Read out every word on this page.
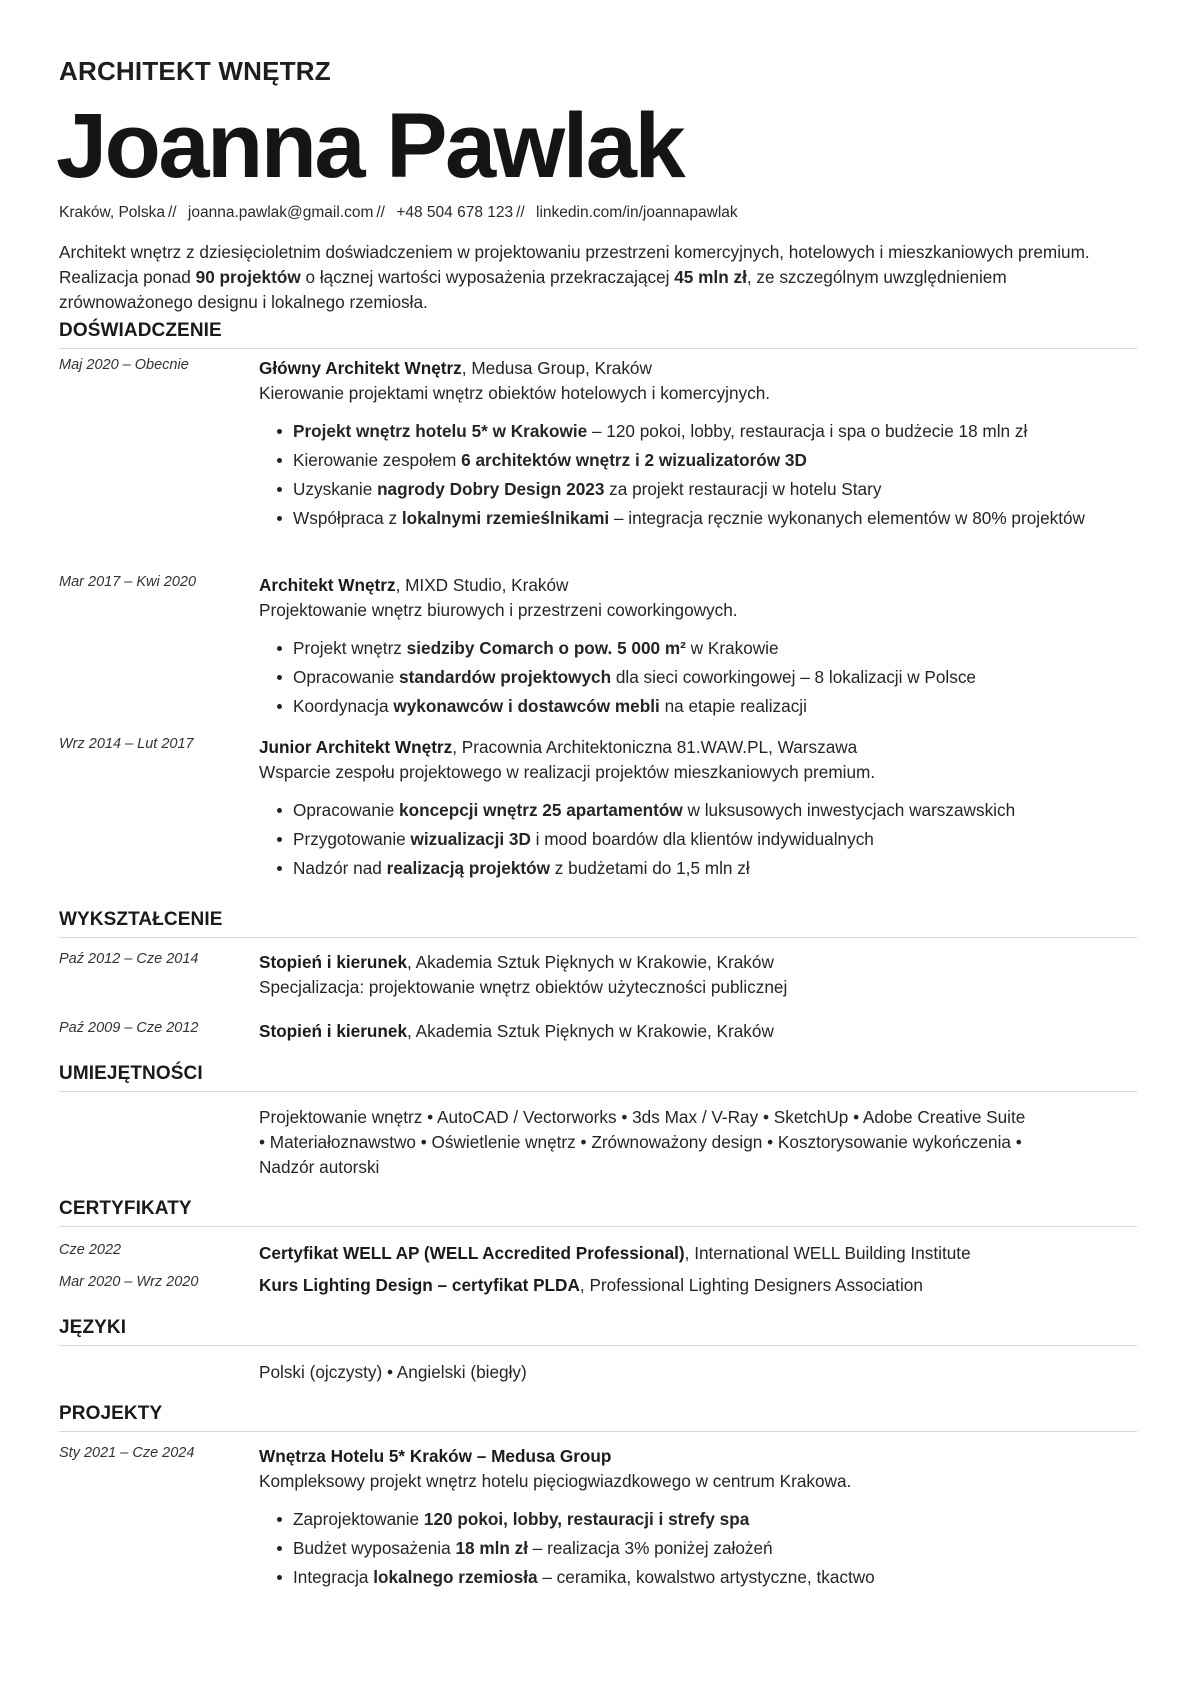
ARCHITEKT WNĘTRZ
Joanna Pawlak
Kraków, Polska // joanna.pawlak@gmail.com // +48 504 678 123 // linkedin.com/in/joannapawlak
Architekt wnętrz z dziesięcioletnim doświadczeniem w projektowaniu przestrzeni komercyjnych, hotelowych i mieszkaniowych premium. Realizacja ponad 90 projektów o łącznej wartości wyposażenia przekraczającej 45 mln zł, ze szczególnym uwzględnieniem zrównoważonego designu i lokalnego rzemiosła.
DOŚWIADCZENIE
Maj 2020 – Obecnie	Główny Architekt Wnętrz, Medusa Group, Kraków
Kierowanie projektami wnętrz obiektów hotelowych i komercyjnych.
Projekt wnętrz hotelu 5* w Krakowie – 120 pokoi, lobby, restauracja i spa o budżecie 18 mln zł
Kierowanie zespołem 6 architektów wnętrz i 2 wizualizatorów 3D
Uzyskanie nagrody Dobry Design 2023 za projekt restauracji w hotelu Stary
Współpraca z lokalnymi rzemieślnikami – integracja ręcznie wykonanych elementów w 80% projektów
Mar 2017 – Kwi 2020	Architekt Wnętrz, MIXD Studio, Kraków
Projektowanie wnętrz biurowych i przestrzeni coworkingowych.
Projekt wnętrz siedziby Comarch o pow. 5 000 m² w Krakowie
Opracowanie standardów projektowych dla sieci coworkingowej – 8 lokalizacji w Polsce
Koordynacja wykonawców i dostawców mebli na etapie realizacji
Wrz 2014 – Lut 2017	Junior Architekt Wnętrz, Pracownia Architektoniczna 81.WAW.PL, Warszawa
Wsparcie zespołu projektowego w realizacji projektów mieszkaniowych premium.
Opracowanie koncepcji wnętrz 25 apartamentów w luksusowych inwestycjach warszawskich
Przygotowanie wizualizacji 3D i mood boardów dla klientów indywidualnych
Nadzór nad realizacją projektów z budżetami do 1,5 mln zł
WYKSZTAŁCENIE
Paź 2012 – Cze 2014	Stopień i kierunek, Akademia Sztuk Pięknych w Krakowie, Kraków
Specjalizacja: projektowanie wnętrz obiektów użyteczności publicznej
Paź 2009 – Cze 2012	Stopień i kierunek, Akademia Sztuk Pięknych w Krakowie, Kraków
UMIEJĘTNOŚCI
Projektowanie wnętrz • AutoCAD / Vectorworks • 3ds Max / V-Ray • SketchUp • Adobe Creative Suite
• Materiałoznawstwo • Oświetlenie wnętrz • Zrównoważony design • Kosztorysowanie wykończenia •
Nadzór autorski
CERTYFIKATY
Cze 2022	Certyfikat WELL AP (WELL Accredited Professional), International WELL Building Institute
Mar 2020 – Wrz 2020	Kurs Lighting Design – certyfikat PLDA, Professional Lighting Designers Association
JĘZYKI
Polski (ojczysty) • Angielski (biegły)
PROJEKTY
Sty 2021 – Cze 2024	Wnętrza Hotelu 5* Kraków – Medusa Group
Kompleksowy projekt wnętrz hotelu pięciogwiazdkowego w centrum Krakowa.
Zaprojektowanie 120 pokoi, lobby, restauracji i strefy spa
Budżet wyposażenia 18 mln zł – realizacja 3% poniżej założeń
Integracja lokalnego rzemiosła – ceramika, kowalstwo artystyczne, tkactwo
